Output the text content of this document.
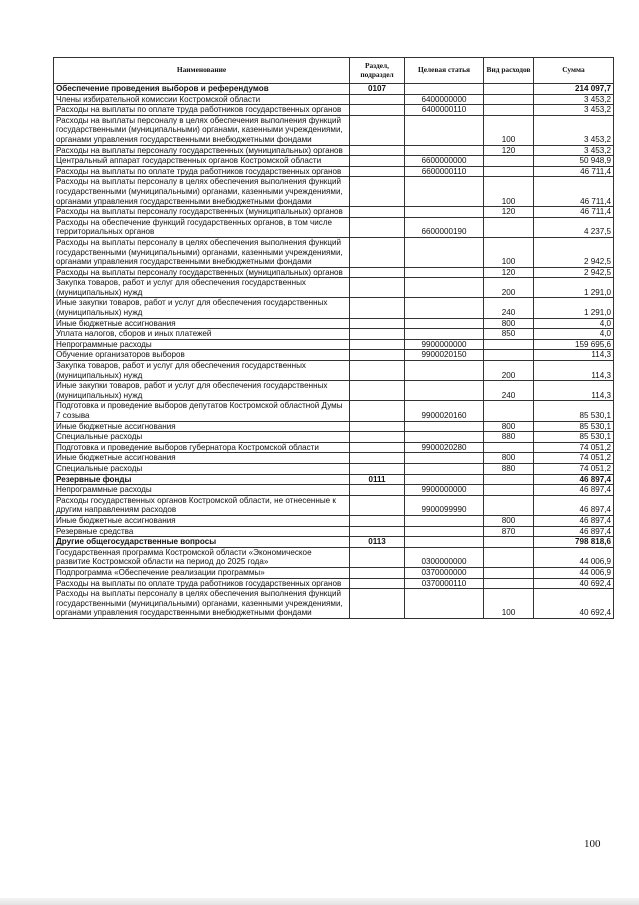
Наименование	Раздел, подраздел	Целевая статья	Вид расходов	Сумма
Обеспечение проведения выборов и референдумов	0107			214 097,7
Члены избирательной комиссии Костромской области		6400000000		3 453,2
Расходы на выплаты по оплате труда работников государственных органов		6400000110		3 453,2
Расходы на выплаты персоналу в целях обеспечения выполнения функций государственными (муниципальными) органами, казенными учреждениями, органами управления государственными внебюджетными фондами			100	3 453,2
Расходы на выплаты персоналу государственных (муниципальных) органов			120	3 453,2
Центральный аппарат государственных органов Костромской области		6600000000		50 948,9
Расходы на выплаты по оплате труда работников государственных органов		6600000110		46 711,4
Расходы на выплаты персоналу в целях обеспечения выполнения функций государственными (муниципальными) органами, казенными учреждениями, органами управления государственными внебюджетными фондами			100	46 711,4
Расходы на выплаты персоналу государственных (муниципальных) органов			120	46 711,4
Расходы на обеспечение функций государственных органов, в том числе территориальных органов		6600000190		4 237,5
Расходы на выплаты персоналу в целях обеспечения выполнения функций государственными (муниципальными) органами, казенными учреждениями, органами управления государственными внебюджетными фондами			100	2 942,5
Расходы на выплаты персоналу государственных (муниципальных) органов			120	2 942,5
Закупка товаров, работ и услуг для обеспечения государственных (муниципальных) нужд			200	1 291,0
Иные закупки товаров, работ и услуг для обеспечения государственных (муниципальных) нужд			240	1 291,0
Иные бюджетные ассигнования			800	4,0
Уплата налогов, сборов и иных платежей			850	4,0
Непрограммные расходы		9900000000		159 695,6
Обучение организаторов выборов		9900020150		114,3
Закупка товаров, работ и услуг для обеспечения государственных (муниципальных) нужд			200	114,3
Иные закупки товаров, работ и услуг для обеспечения государственных (муниципальных) нужд			240	114,3
Подготовка и проведение выборов депутатов Костромской областной Думы 7 созыва		9900020160		85 530,1
Иные бюджетные ассигнования			800	85 530,1
Специальные расходы			880	85 530,1
Подготовка и проведение выборов губернатора Костромской области		9900020280		74 051,2
Иные бюджетные ассигнования			800	74 051,2
Специальные расходы			880	74 051,2
Резервные фонды	0111			46 897,4
Непрограммные расходы		9900000000		46 897,4
Расходы государственных органов Костромской области, не отнесенные к другим направлениям расходов		9900099990		46 897,4
Иные бюджетные ассигнования			800	46 897,4
Резервные средства			870	46 897,4
Другие общегосударственные вопросы	0113			798 818,6
Государственная программа Костромской области «Экономическое развитие Костромской области на период до 2025 года»		0300000000		44 006,9
Подпрограмма «Обеспечение реализации программы»		0370000000		44 006,9
Расходы на выплаты по оплате труда работников государственных органов		0370000110		40 692,4
Расходы на выплаты персоналу в целях обеспечения выполнения функций государственными (муниципальными) органами, казенными учреждениями, органами управления государственными внебюджетными фондами			100	40 692,4
100
